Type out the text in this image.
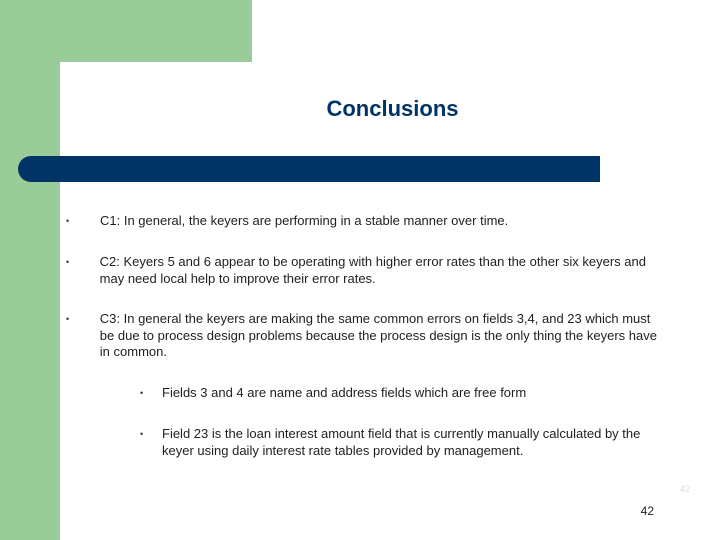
Conclusions
•	C1: In general, the keyers are performing in a stable manner over time.
•	C2: Keyers 5 and 6 appear to be operating with higher error rates than the other six keyers and may need local help to improve their error rates.
•	C3: In general the keyers are making the same common errors on fields 3,4, and 23 which must be due to process design problems because the process design is the only thing the keyers have in common.
•	Fields 3 and 4 are name and address fields which are free form
•	Field 23 is the loan interest amount field that is currently manually calculated by the keyer using daily interest rate tables provided by management.
42
42
